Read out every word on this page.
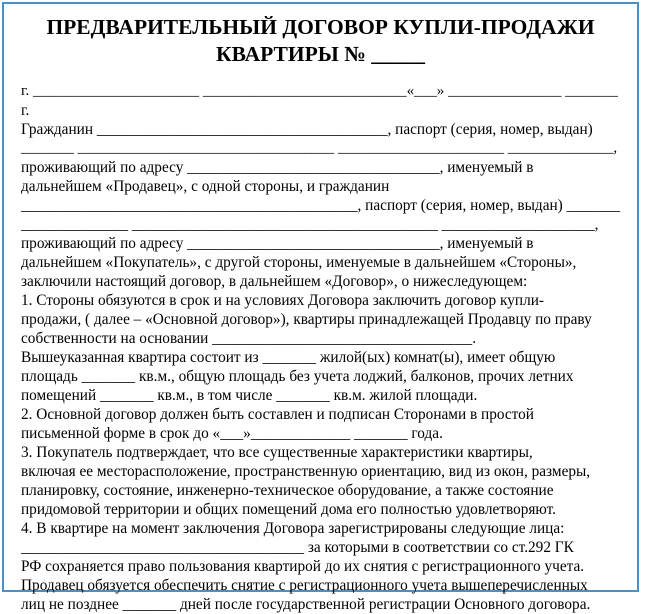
ПРЕДВАРИТЕЛЬНЫЙ ДОГОВОР КУПЛИ-ПРОДАЖИ
КВАРТИРЫ № _____
г. ______________________ ___________________________«___» _______________ _______
г.
Гражданин ______________________________________, паспорт (серия, номер, выдан)
_______ __________________________________ ______________________ ______________,
проживающий по адресу _________________________________, именуемый в
дальнейшем «Продавец», с одной стороны, и гражданин
____________________________________________, паспорт (серия, номер, выдан) _______
______________ ________________________________________ ____________________,
проживающий по адресу _________________________________, именуемый в
дальнейшем «Покупатель», с другой стороны, именуемые в дальнейшем «Стороны»,
заключили настоящий договор, в дальнейшем «Договор», о нижеследующем:
1. Стороны обязуются в срок и на условиях Договора заключить договор купли-
продажи, ( далее – «Основной договор»), квартиры принадлежащей Продавцу по праву
собственности на основании __________________________________.
Вышеуказанная квартира состоит из _______ жилой(ых) комнат(ы), имеет общую
площадь _______ кв.м., общую площадь без учета лоджий, балконов, прочих летних
помещений _______ кв.м., в том числе _______ кв.м. жилой площади.
2. Основной договор должен быть составлен и подписан Сторонами в простой
письменной форме в срок до «___»_____________ _______ года.
3. Покупатель подтверждает, что все существенные характеристики квартиры,
включая ее месторасположение, пространственную ориентацию, вид из окон, размеры,
планировку, состояние, инженерно-техническое оборудование, а также состояние
придомовой территории и общих помещений дома его полностью удовлетворяют.
4. В квартире на момент заключения Договора зарегистрированы следующие лица:
_____________________________________ за которыми в соответствии со ст.292 ГК
РФ сохраняется право пользования квартирой до их снятия с регистрационного учета.
Продавец обязуется обеспечить снятие с регистрационного учета вышеперечисленных
лиц не позднее _______ дней после государственной регистрации Основного договора.
